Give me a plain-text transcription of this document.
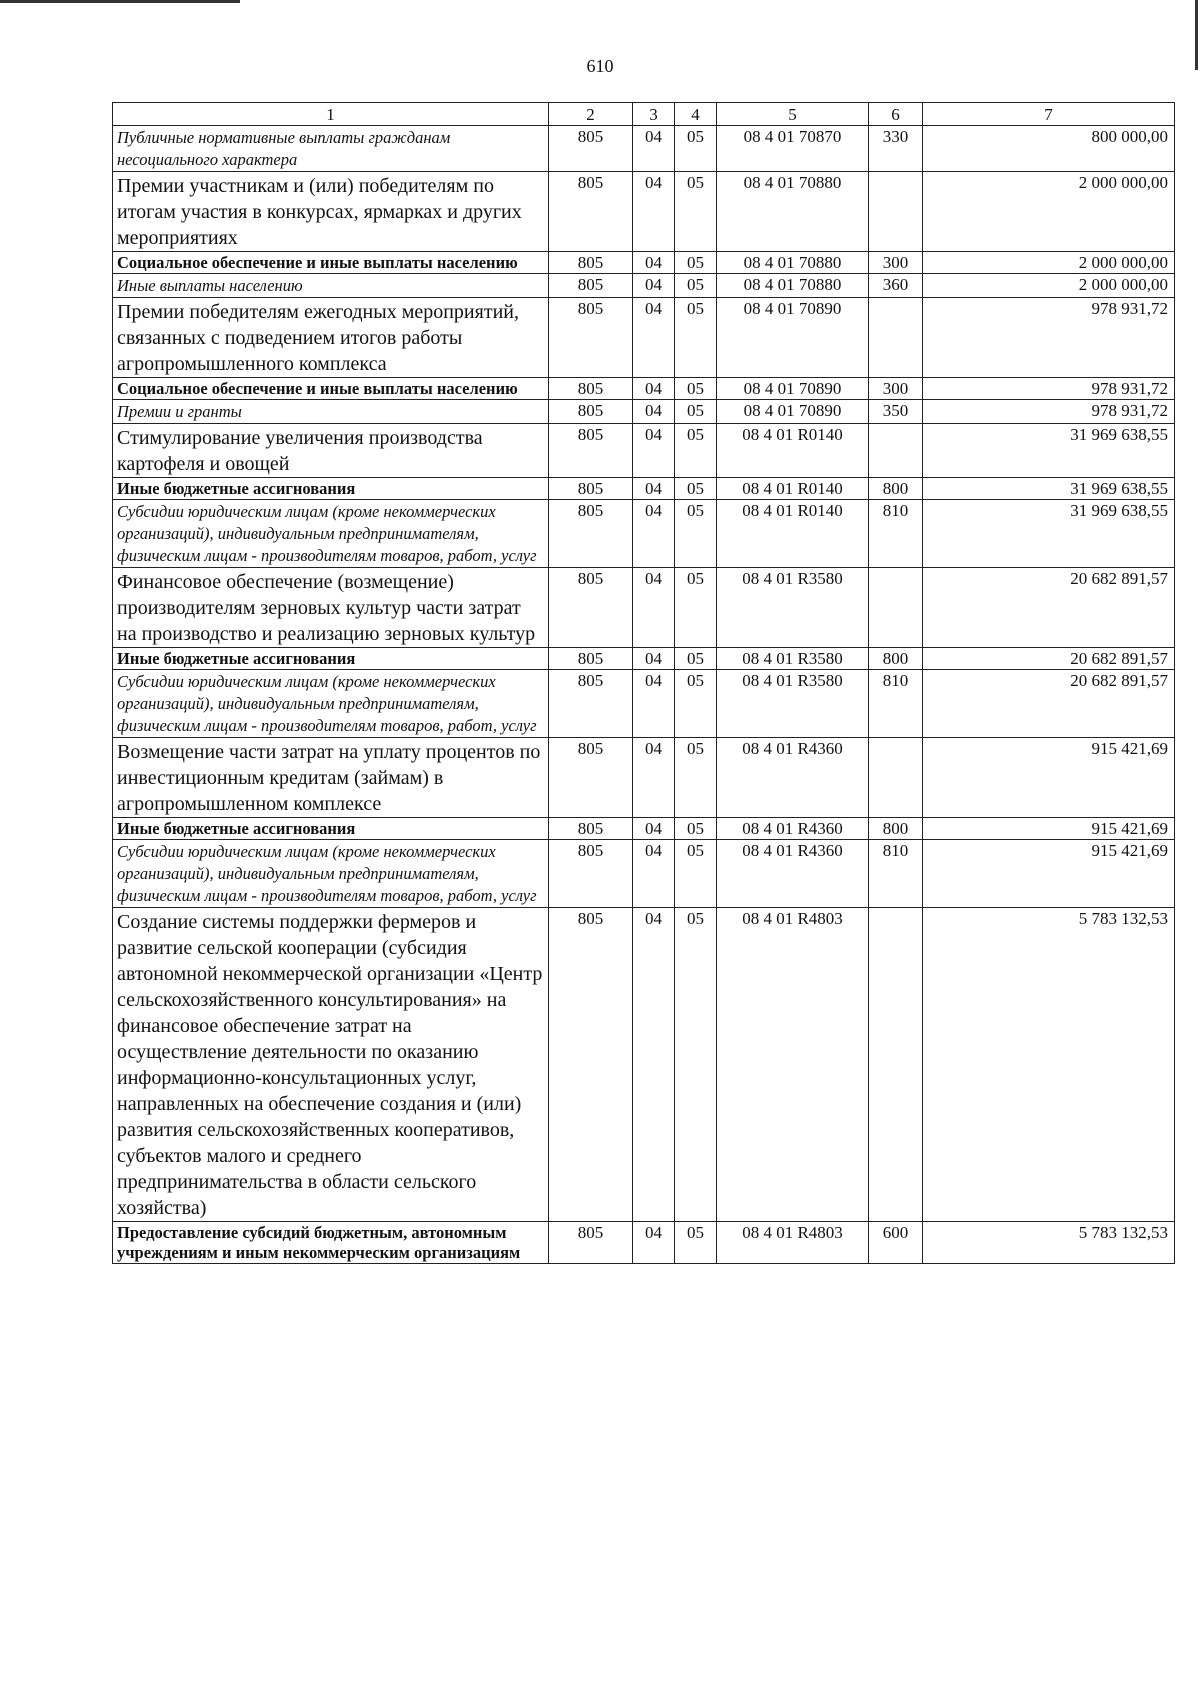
610
1	2	3	4	5	6	7
Публичные нормативные выплаты гражданам несоциального характера	805	04	05	08 4 01 70870	330	800 000,00
Премии участникам и (или) победителям по итогам участия в конкурсах, ярмарках и других мероприятиях	805	04	05	08 4 01 70880		2 000 000,00
Социальное обеспечение и иные выплаты населению	805	04	05	08 4 01 70880	300	2 000 000,00
Иные выплаты населению	805	04	05	08 4 01 70880	360	2 000 000,00
Премии победителям ежегодных мероприятий, связанных с подведением итогов работы агропромышленного комплекса	805	04	05	08 4 01 70890		978 931,72
Социальное обеспечение и иные выплаты населению	805	04	05	08 4 01 70890	300	978 931,72
Премии и гранты	805	04	05	08 4 01 70890	350	978 931,72
Стимулирование увеличения производства картофеля и овощей	805	04	05	08 4 01 R0140		31 969 638,55
Иные бюджетные ассигнования	805	04	05	08 4 01 R0140	800	31 969 638,55
Субсидии юридическим лицам (кроме некоммерческих организаций), индивидуальным предпринимателям, физическим лицам - производителям товаров, работ, услуг	805	04	05	08 4 01 R0140	810	31 969 638,55
Финансовое обеспечение (возмещение) производителям зерновых культур части затрат на производство и реализацию зерновых культур	805	04	05	08 4 01 R3580		20 682 891,57
Иные бюджетные ассигнования	805	04	05	08 4 01 R3580	800	20 682 891,57
Субсидии юридическим лицам (кроме некоммерческих организаций), индивидуальным предпринимателям, физическим лицам - производителям товаров, работ, услуг	805	04	05	08 4 01 R3580	810	20 682 891,57
Возмещение части затрат на уплату процентов по инвестиционным кредитам (займам) в агропромышленном комплексе	805	04	05	08 4 01 R4360		915 421,69
Иные бюджетные ассигнования	805	04	05	08 4 01 R4360	800	915 421,69
Субсидии юридическим лицам (кроме некоммерческих организаций), индивидуальным предпринимателям, физическим лицам - производителям товаров, работ, услуг	805	04	05	08 4 01 R4360	810	915 421,69
Создание системы поддержки фермеров и развитие сельской кооперации (субсидия автономной некоммерческой организации «Центр сельскохозяйственного консультирования» на финансовое обеспечение затрат на осуществление деятельности по оказанию информационно-консультационных услуг, направленных на обеспечение создания и (или) развития сельскохозяйственных кооперативов, субъектов малого и среднего предпринимательства в области сельского хозяйства)	805	04	05	08 4 01 R4803		5 783 132,53
Предоставление субсидий бюджетным, автономным учреждениям и иным некоммерческим организациям	805	04	05	08 4 01 R4803	600	5 783 132,53
